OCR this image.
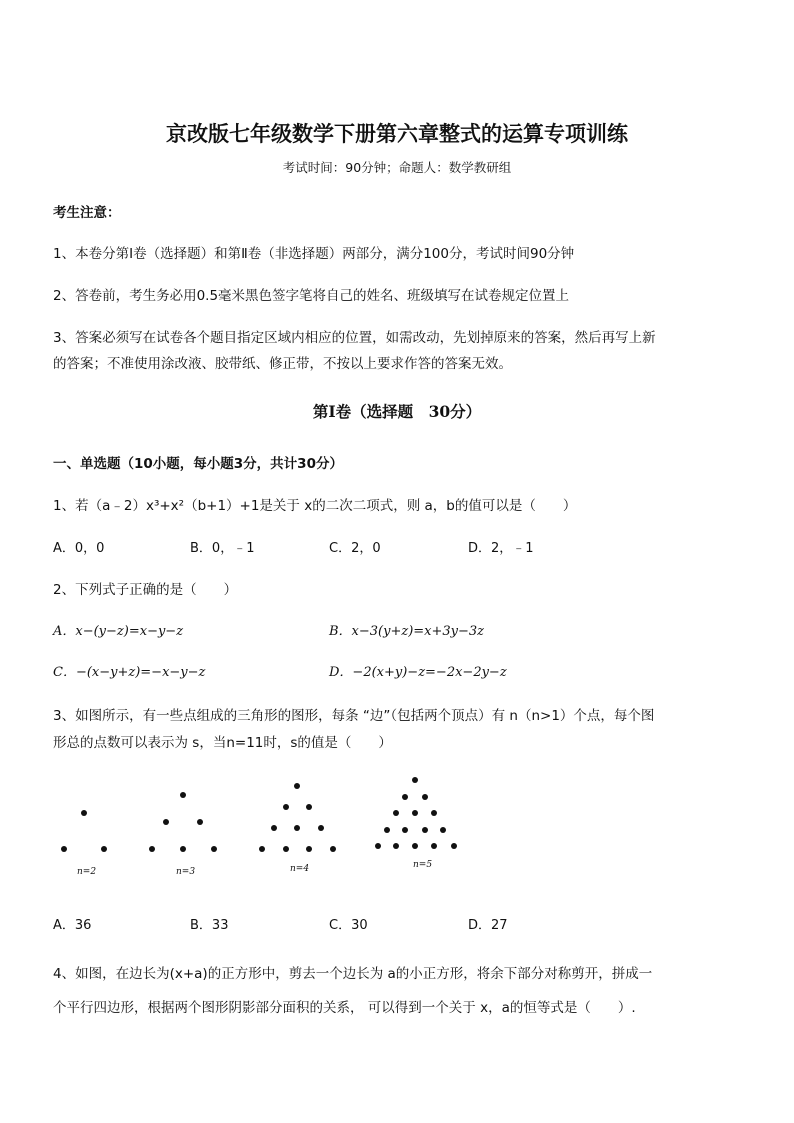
京改版七年级数学下册第六章整式的运算专项训练
考试时间：90分钟；命题人：数学教研组
考生注意：
1、本卷分第Ⅰ卷（选择题）和第Ⅱ卷（非选择题）两部分，满分100分，考试时间90分钟
2、答卷前，考生务必用0.5毫米黑色签字笔将自己的姓名、班级填写在试卷规定位置上
3、答案必须写在试卷各个题目指定区域内相应的位置，如需改动，先划掉原来的答案，然后再写上新
的答案；不准使用涂改液、胶带纸、修正带，不按以上要求作答的答案无效。
第Ⅰ卷（选择题　30分）
一、单选题（10小题，每小题3分，共计30分）
1、若（a﹣2）x³+x²（b+1）+1是关于 x的二次二项式，则 a，b的值可以是（　　）
A．0，0	B．0，﹣1	C．2，0	D．2，﹣1
2、下列式子正确的是（　　）
A．x−(y−z)=x−y−z	B．x−3(y+z)=x+3y−3z
C．−(x−y+z)=−x−y−z	D．−2(x+y)−z=−2x−2y−z
3、如图所示，有一些点组成的三角形的图形，每条 “边”（包括两个顶点）有 n（n>1）个点，每个图
形总的点数可以表示为 s，当n=11时，s的值是（　　）
n=2	n=3	n=4	n=5
A．36	B．33	C．30	D．27
4、如图，在边长为(x+a)的正方形中，剪去一个边长为 a的小正方形，将余下部分对称剪开，拼成一
个平行四边形，根据两个图形阴影部分面积的关系， 可以得到一个关于 x，a的恒等式是（　　）.
